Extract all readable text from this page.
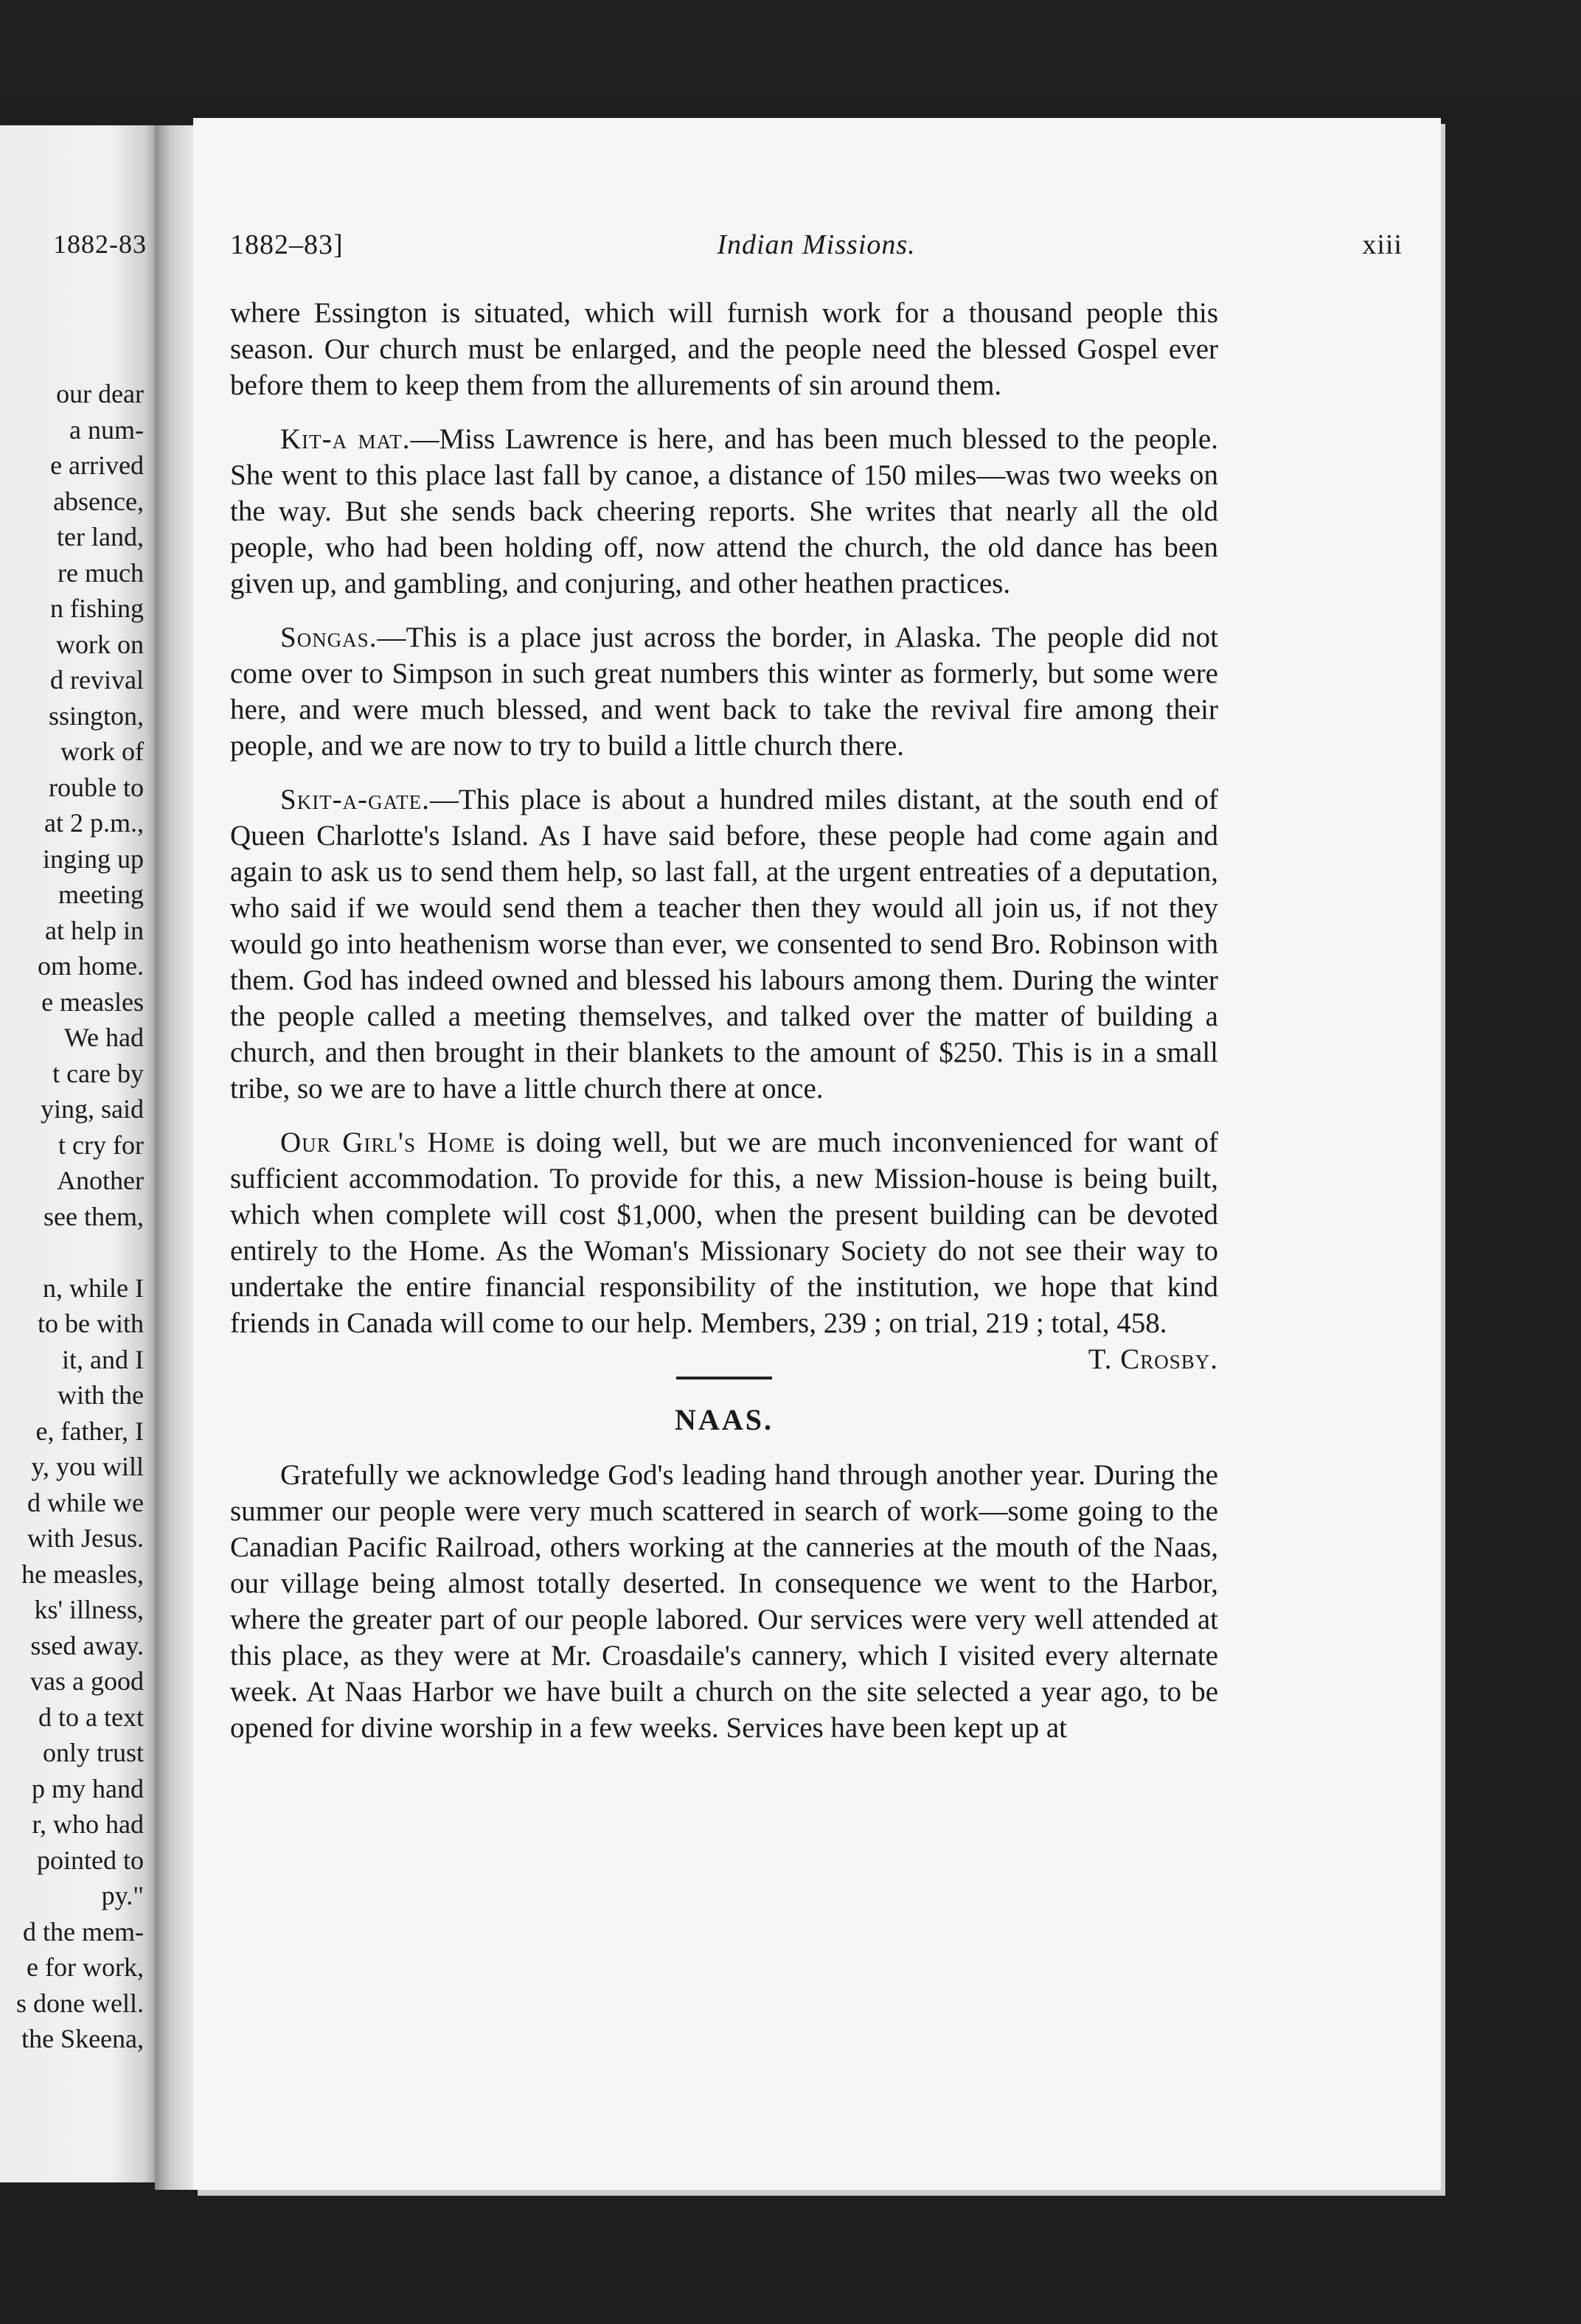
1882-83
our dear
a num-
e arrived
absence,
ter land,
re much
n fishing
work on
d revival
ssington,
work of
rouble to
at 2 p.m.,
inging up
meeting
at help in
om home.
e measles
We had
t care by
ying, said
t cry for
Another
see them,
n, while I
to be with
it, and I
with the
e, father, I
y, you will
d while we
with Jesus.
he measles,
ks' illness,
ssed away.
vas a good
d to a text
only trust
p my hand
r, who had
pointed to
py."
d the mem-
e for work,
s done well.
the Skeena,
1882–83]	Indian Missions.	xiii

where Essington is situated, which will furnish work for a thousand people this season. Our church must be enlarged, and the people need the blessed Gospel ever before them to keep them from the allurements of sin around them.

Kit-a mat.—Miss Lawrence is here, and has been much blessed to the people. She went to this place last fall by canoe, a distance of 150 miles—was two weeks on the way. But she sends back cheering reports. She writes that nearly all the old people, who had been holding off, now attend the church, the old dance has been given up, and gambling, and conjuring, and other heathen practices.

Songas.—This is a place just across the border, in Alaska. The people did not come over to Simpson in such great numbers this winter as formerly, but some were here, and were much blessed, and went back to take the revival fire among their people, and we are now to try to build a little church there.

Skit-a-gate.—This place is about a hundred miles distant, at the south end of Queen Charlotte's Island. As I have said before, these people had come again and again to ask us to send them help, so last fall, at the urgent entreaties of a deputation, who said if we would send them a teacher then they would all join us, if not they would go into heathenism worse than ever, we consented to send Bro. Robinson with them. God has indeed owned and blessed his labours among them. During the winter the people called a meeting themselves, and talked over the matter of building a church, and then brought in their blankets to the amount of $250. This is in a small tribe, so we are to have a little church there at once.

Our Girl's Home is doing well, but we are much inconvenienced for want of sufficient accommodation. To provide for this, a new Mission-house is being built, which when complete will cost $1,000, when the present building can be devoted entirely to the Home. As the Woman's Missionary Society do not see their way to undertake the entire financial responsibility of the institution, we hope that kind friends in Canada will come to our help. Members, 239 ; on trial, 219 ; total, 458.
T. Crosby.

NAAS.

Gratefully we acknowledge God's leading hand through another year. During the summer our people were very much scattered in search of work—some going to the Canadian Pacific Railroad, others working at the canneries at the mouth of the Naas, our village being almost totally deserted. In consequence we went to the Harbor, where the greater part of our people labored. Our services were very well attended at this place, as they were at Mr. Croasdaile's cannery, which I visited every alternate week. At Naas Harbor we have built a church on the site selected a year ago, to be opened for divine worship in a few weeks. Services have been kept up at
